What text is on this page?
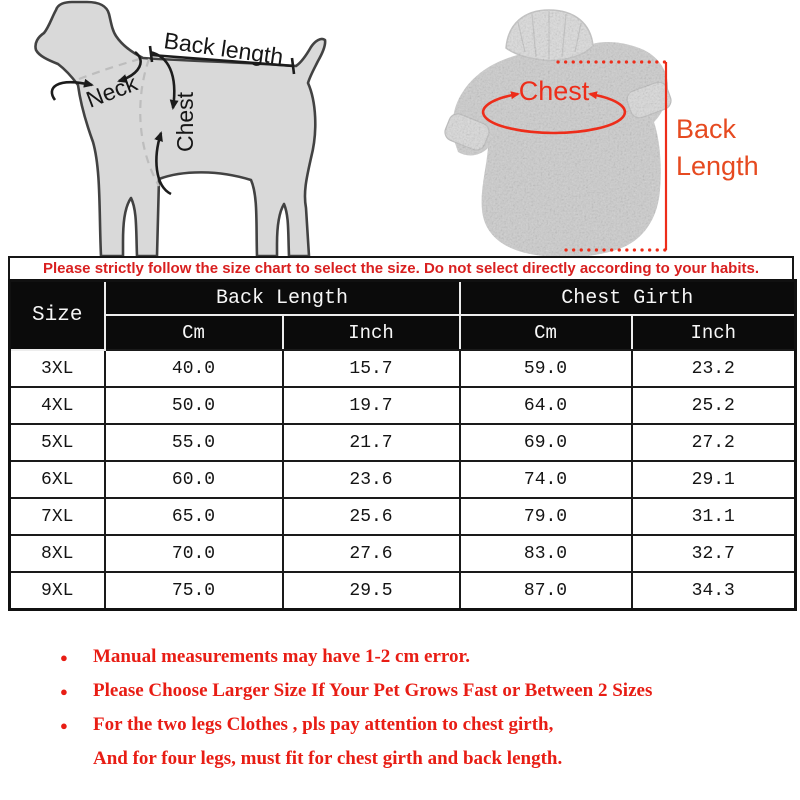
Back length
Neck
Chest
Chest
Back
Length
Please strictly follow the size chart to select the size. Do not select directly according to your habits.
Size	Back Length		Chest Girth	
	Cm	Inch	Cm	Inch
3XL	40.0	15.7	59.0	23.2
4XL	50.0	19.7	64.0	25.2
5XL	55.0	21.7	69.0	27.2
6XL	60.0	23.6	74.0	29.1
7XL	65.0	25.6	79.0	31.1
8XL	70.0	27.6	83.0	32.7
9XL	75.0	29.5	87.0	34.3
●	Manual measurements may have 1-2 cm error.
●	Please Choose Larger Size If Your Pet Grows Fast or Between 2 Sizes
●	For the two legs Clothes , pls pay attention to chest girth,
And for four legs, must fit for chest girth and back length.
